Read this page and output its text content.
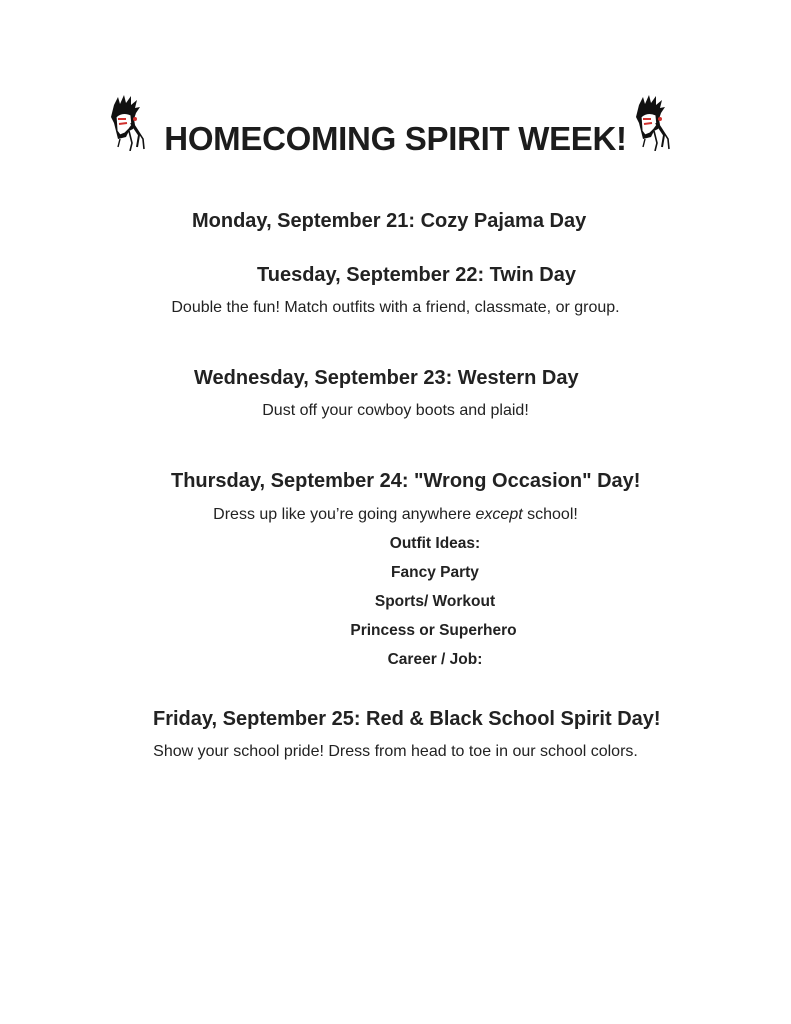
HOMECOMING SPIRIT WEEK!
Monday, September 21: Cozy Pajama Day
Tuesday, September 22: Twin Day
Double the fun! Match outfits with a friend, classmate, or group.
Wednesday, September 23: Western Day
Dust off your cowboy boots and plaid!
Thursday, September 24: "Wrong Occasion" Day!
Dress up like you’re going anywhere except school!
Outfit Ideas:
Fancy Party
Sports/ Workout
Princess or Superhero
Career / Job:
Friday, September 25: Red & Black School Spirit Day!
Show your school pride! Dress from head to toe in our school colors.
